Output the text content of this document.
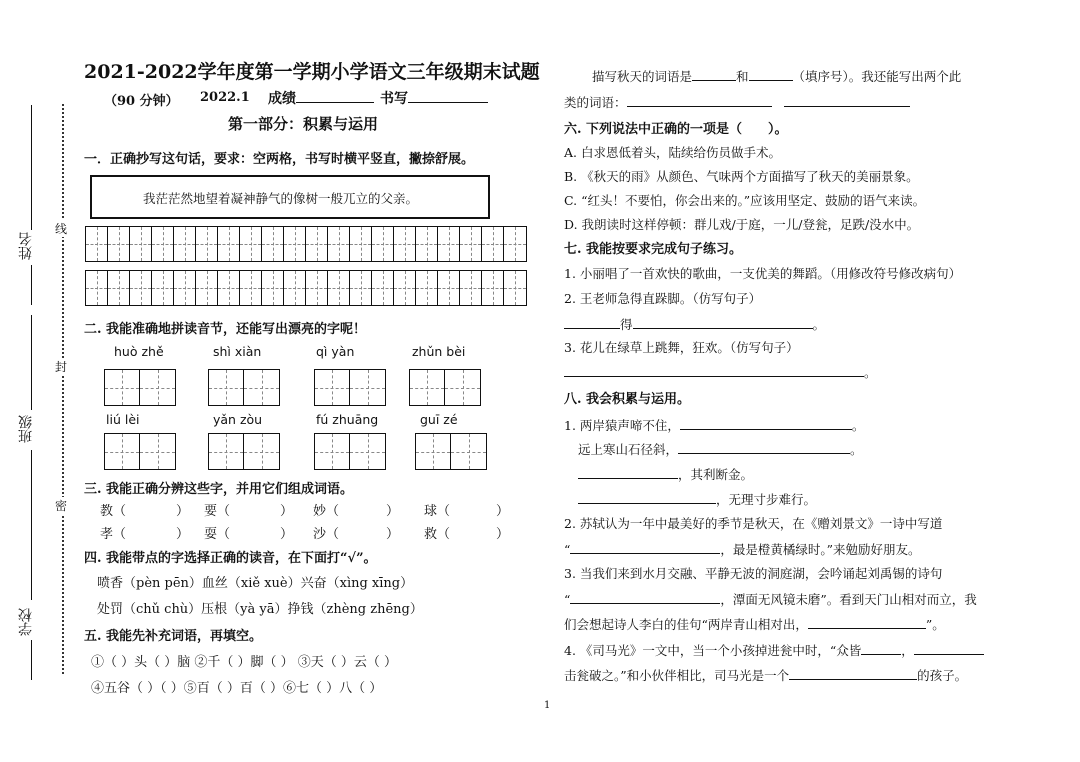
姓名
班级
学校
线
封
密
2021-2022学年度第一学期小学语文三年级期末试题
（90 分钟） 2022.1 成绩	书写
第一部分：积累与运用
一．正确抄写这句话，要求：空两格，书写时横平竖直，撇捺舒展。
我茫茫然地望着凝神静气的像树一般兀立的父亲。
二. 我能准确地拼读音节，还能写出漂亮的字呢！
huò zhě	shì xiàn	qì yàn	zhǔn bèi
liú lèi	yǎn zòu	fú zhuāng	guī zé
三. 我能正确分辨这些字，并用它们组成词语。
教（	） 要（	） 妙（	） 球（	）
孝（	） 耍（	） 沙（	） 救（	）
四. 我能带点的字选择正确的读音，在下面打“√”。
喷香（pèn pēn）血丝（xiě xuè）兴奋（xìng xīng）
处罚（chǔ chù）压根（yà yā）挣钱（zhèng zhēng）
五. 我能先补充词语，再填空。
①（ ）头（ ）脑 ②千（ ）脚（ ） ③天（ ）云（ ）
④五谷（ ）（ ）⑤百（ ）百（ ）⑥七（ ）八（ ）
描写秋天的词语是	和	（填序号）。我还能写出两个此
类的词语：
六. 下列说法中正确的一项是（　　）。
A. 白求恩低着头，陆续给伤员做手术。
B. 《秋天的雨》从颜色、气味两个方面描写了秋天的美丽景象。
C. “红头！不要怕，你会出来的。”应该用坚定、鼓励的语气来读。
D. 我朗读时这样停顿：群儿戏/于庭，一儿/登瓮，足跌/没水中。
七. 我能按要求完成句子练习。
1. 小丽唱了一首欢快的歌曲，一支优美的舞蹈。（用修改符号修改病句）
2. 王老师急得直跺脚。（仿写句子）
得	。
3. 花儿在绿草上跳舞，狂欢。（仿写句子）
。
八. 我会积累与运用。
1. 两岸猿声啼不住，	。
远上寒山石径斜，	。
，其利断金。
，无理寸步难行。
2. 苏轼认为一年中最美好的季节是秋天，在《赠刘景文》一诗中写道
“	，最是橙黄橘绿时。”来勉励好朋友。
3. 当我们来到水月交融、平静无波的洞庭湖，会吟诵起刘禹锡的诗句
“	，潭面无风镜未磨”。看到天门山相对而立，我
们会想起诗人李白的佳句“两岸青山相对出，	”。
4. 《司马光》一文中，当一个小孩掉进瓮中时，“众皆	，
击瓮破之。”和小伙伴相比，司马光是一个	的孩子。
1
